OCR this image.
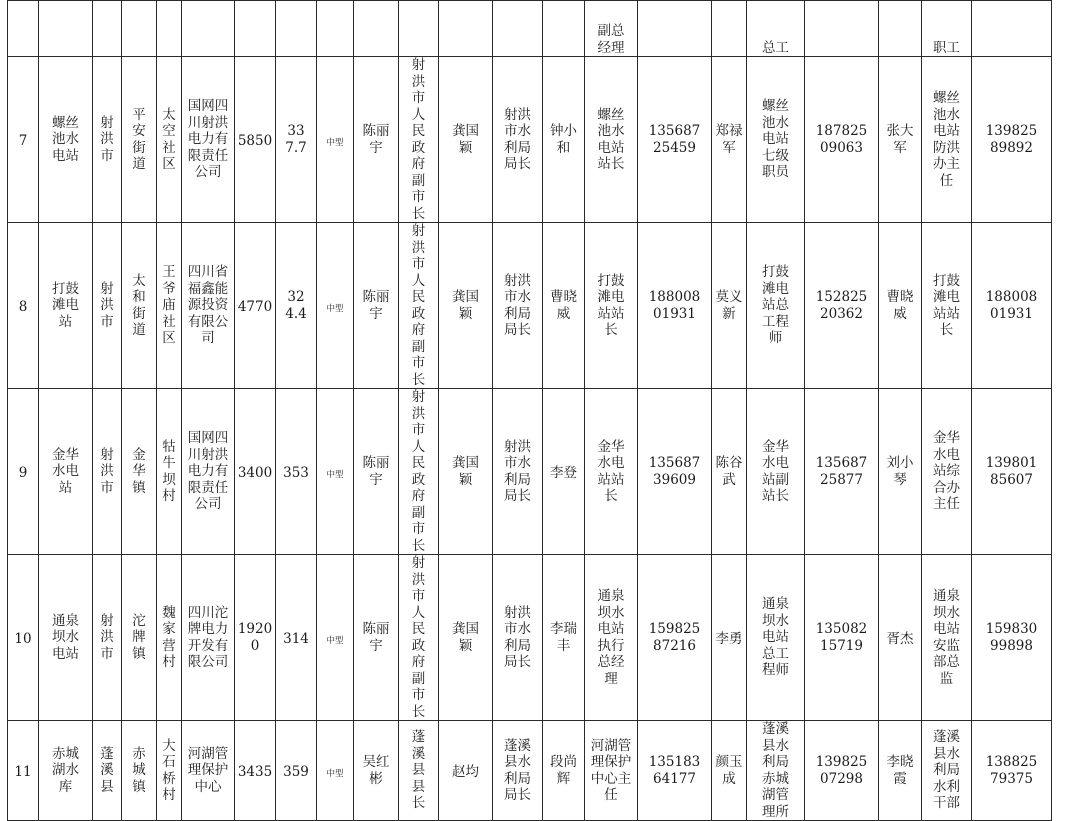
														副总经理			总工			职工	
7	螺丝池水电站	射洪市	平安街道	太空社区	国网四川射洪电力有限责任公司	5850	337.7	中型	陈丽宇	射洪市人民政府副市长	龚国颖	射洪市水利局局长	钟小和	螺丝池水电站站长	13568725459	郑禄军	螺丝池水电站七级职员	18782509063	张大军	螺丝池水电站防洪办主任	13982589892
8	打鼓滩电站	射洪市	太和街道	王爷庙社区	四川省福鑫能源投资有限公司	4770	324.4	中型	陈丽宇	射洪市人民政府副市长	龚国颖	射洪市水利局局长	曹晓威	打鼓滩电站站长	18800801931	莫义新	打鼓滩电站总工程师	15282520362	曹晓威	打鼓滩电站站长	18800801931
9	金华水电站	射洪市	金华镇	牯牛坝村	国网四川射洪电力有限责任公司	3400	353	中型	陈丽宇	射洪市人民政府副市长	龚国颖	射洪市水利局局长	李登	金华水电站站长	13568739609	陈谷武	金华水电站副站长	13568725877	刘小琴	金华水电站综合办主任	13980185607
10	通泉坝水电站	射洪市	沱牌镇	魏家营村	四川沱牌电力开发有限公司	19200	314	中型	陈丽宇	射洪市人民政府副市长	龚国颖	射洪市水利局局长	李瑞丰	通泉坝水电站执行总经理	15982587216	李勇	通泉坝水电站总工程师	13508215719	胥杰	通泉坝水电站安监部总监	15983099898
11	赤城湖水库	蓬溪县	赤城镇	大石桥村	河湖管理保护中心	3435	359	中型	吴红彬	蓬溪县县长	赵均	蓬溪县水利局局长	段尚辉	河湖管理保护中心主任	13518364177	颜玉成	蓬溪县水利局赤城湖管理所	13982507298	李晓霞	蓬溪县水利局水利干部	13882579375
